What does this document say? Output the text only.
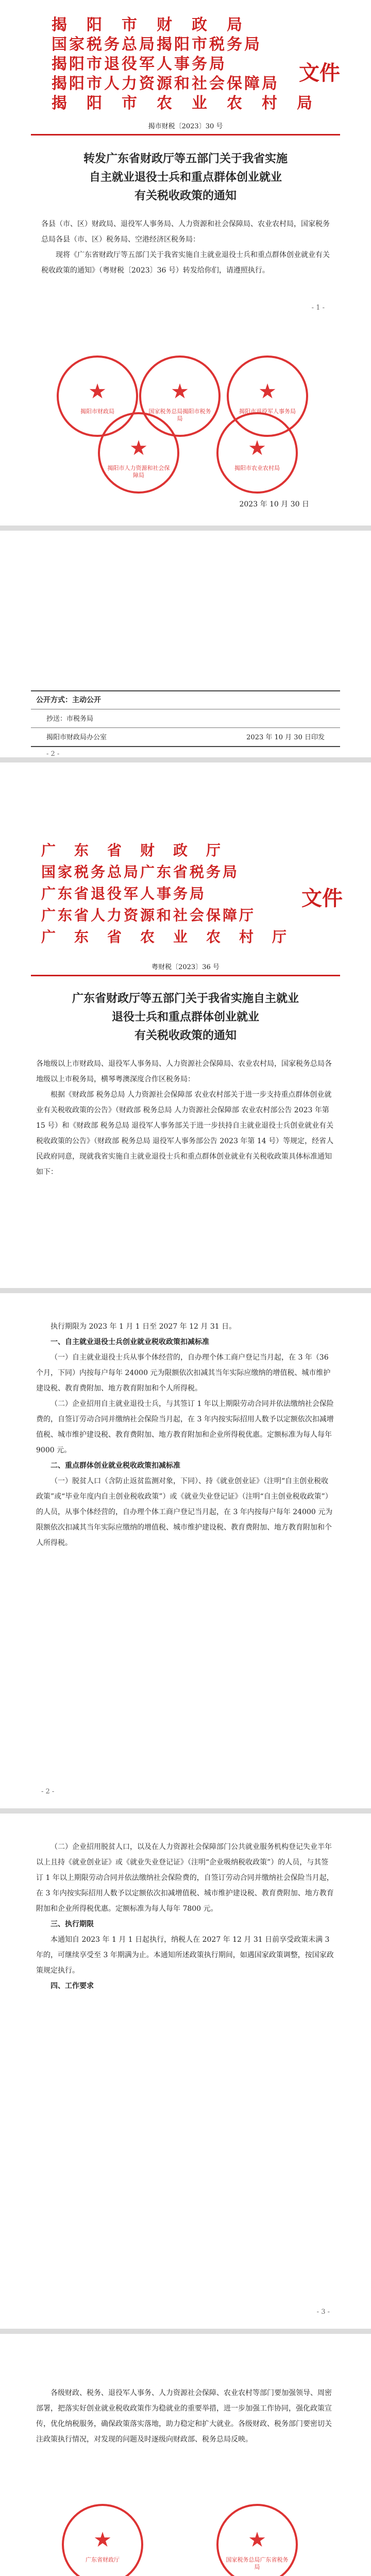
揭　阳　市　财　政　局
国家税务总局揭阳市税务局
揭阳市退役军人事务局
揭阳市人力资源和社会保障局
揭　阳　市　农　业　农　村　局
文件
揭市财税〔2023〕30 号
转发广东省财政厅等五部门关于我省实施
自主就业退役士兵和重点群体创业就业
有关税收政策的通知

各县（市、区）财政局、退役军人事务局、人力资源和社会保障局、农业农村局，国家税务总局各县（市、区）税务局、空港经济区税务局：

现将《广东省财政厅等五部门关于我省实施自主就业退役士兵和重点群体创业就业有关税收政策的通知》（粤财税〔2023〕36 号）转发给你们，请遵照执行。

- 1 -
★
揭阳市财政局
★
国家税务总局揭阳市税务局
★
揭阳市退役军人事务局
★
揭阳市人力资源和社会保障局
★
揭阳市农业农村局
2023 年 10 月 30 日
公开方式：主动公开
抄送：市税务局
揭阳市财政局办公室	2023 年 10 月 30 日印发
- 2 -
广　东　省　财　政　厅
国家税务总局广东省税务局
广东省退役军人事务局
广东省人力资源和社会保障厅
广　东　省　农　业　农　村　厅
文件
粤财税〔2023〕36 号
广东省财政厅等五部门关于我省实施自主就业
退役士兵和重点群体创业就业
有关税收政策的通知

各地级以上市财政局、退役军人事务局、人力资源社会保障局、农业农村局，国家税务总局各地级以上市税务局，横琴粤澳深度合作区税务局：

根据《财政部 税务总局 人力资源社会保障部 农业农村部关于进一步支持重点群体创业就业有关税收政策的公告》（财政部 税务总局 人力资源社会保障部 农业农村部公告 2023 年第 15 号）和《财政部 税务总局 退役军人事务部关于进一步扶持自主就业退役士兵创业就业有关税收政策的公告》（财政部 税务总局 退役军人事务部公告 2023 年第 14 号）等规定，经省人民政府同意，现就我省实施自主就业退役士兵和重点群体创业就业有关税收政策具体标准通知如下：

执行期限为 2023 年 1 月 1 日至 2027 年 12 月 31 日。

一、自主就业退役士兵创业就业税收政策扣减标准

（一）自主就业退役士兵从事个体经营的，自办理个体工商户登记当月起，在 3 年（36 个月，下同）内按每户每年 24000 元为限额依次扣减其当年实际应缴纳的增值税、城市维护建设税、教育费附加、地方教育附加和个人所得税。

（二）企业招用自主就业退役士兵，与其签订 1 年以上期限劳动合同并依法缴纳社会保险费的，自签订劳动合同并缴纳社会保险当月起，在 3 年内按实际招用人数予以定额依次扣减增值税、城市维护建设税、教育费附加、地方教育附加和企业所得税优惠。定额标准为每人每年 9000 元。

二、重点群体创业就业税收政策扣减标准

（一）脱贫人口（含防止返贫监测对象，下同）、持《就业创业证》（注明“自主创业税收政策”或“毕业年度内自主创业税收政策”）或《就业失业登记证》（注明“自主创业税收政策”）的人员，从事个体经营的，自办理个体工商户登记当月起，在 3 年内按每户每年 24000 元为限额依次扣减其当年实际应缴纳的增值税、城市维护建设税、教育费附加、地方教育附加和个人所得税。

- 2 -

（二）企业招用脱贫人口，以及在人力资源社会保障部门公共就业服务机构登记失业半年以上且持《就业创业证》或《就业失业登记证》（注明“企业吸纳税收政策”）的人员，与其签订 1 年以上期限劳动合同并依法缴纳社会保险费的，自签订劳动合同并缴纳社会保险当月起，在 3 年内按实际招用人数予以定额依次扣减增值税、城市维护建设税、教育费附加、地方教育附加和企业所得税优惠。定额标准为每人每年 7800 元。

三、执行期限

本通知自 2023 年 1 月 1 日起执行，纳税人在 2027 年 12 月 31 日前享受政策未满 3 年的，可继续享受至 3 年期满为止。本通知所述政策执行期间，如遇国家政策调整，按国家政策规定执行。

四、工作要求

- 3 -

各级财政、税务、退役军人事务、人力资源社会保障、农业农村等部门要加强领导、周密部署，把落实好创业就业税收政策作为稳就业的重要举措，进一步加强工作协同，强化政策宣传，优化纳税服务，确保政策落实落地，助力稳定和扩大就业。各级财政、税务部门要密切关注政策执行情况，对发现的问题及时逐级向财政部、税务总局反映。

★
广东省财政厅
★
国家税务总局广东省税务局
